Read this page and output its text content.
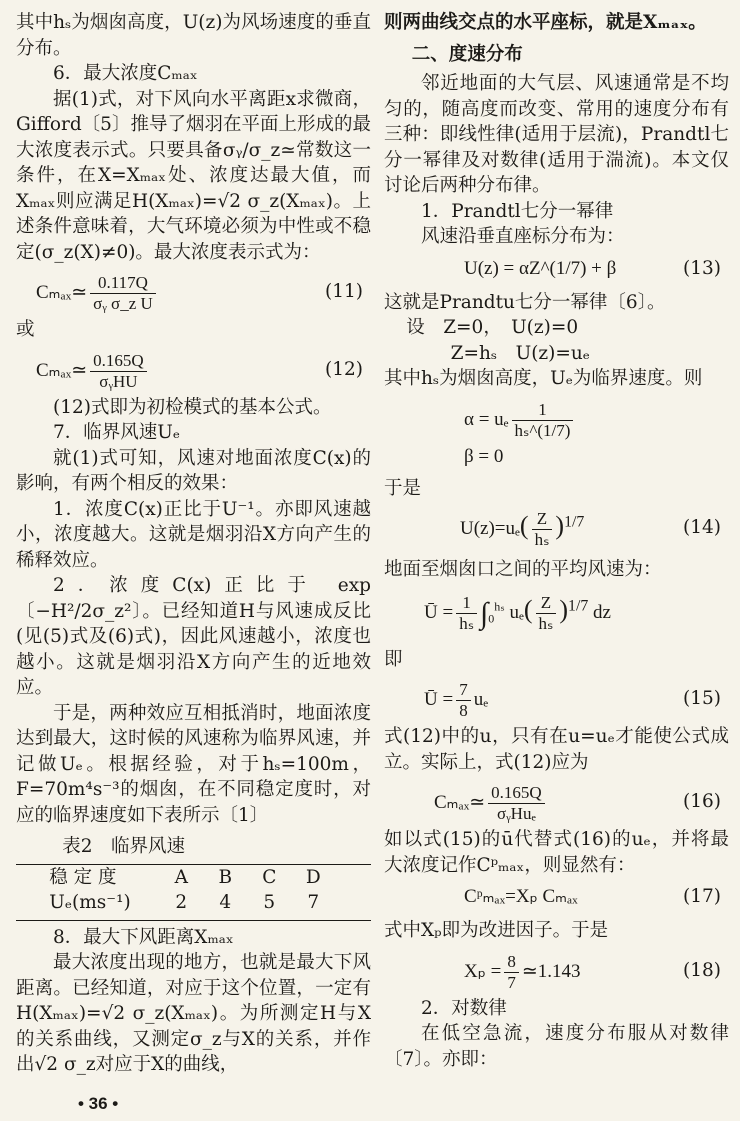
其中hₛ为烟囱高度，U(z)为风场速度的垂直分布。

6．最大浓度Cₘₐₓ

据(1)式，对下风向水平离距x求微商，Gifford〔5〕推导了烟羽在平面上形成的最大浓度表示式。只要具备σᵧ/σ_z≃常数这一条件，在X=Xₘₐₓ处、浓度达最大值，而Xₘₐₓ则应满足H(Xₘₐₓ)=√2 σ_z(Xₘₐₓ)。上述条件意味着，大气环境必须为中性或不稳定(σ_z(X)≠0)。最大浓度表示式为：

Cₘₐₓ≃ $\frac{0.117Q}{\text{σᵧ σ\_z U}}$	(11)

或

Cₘₐₓ≃ $\frac{0.165Q}{\text{σᵧHU}}$	(12)

(12)式即为初检模式的基本公式。

7．临界风速Uₑ

就(1)式可知，风速对地面浓度C(x)的影响，有两个相反的效果：

1．浓度C(x)正比于U⁻¹。亦即风速越小，浓度越大。这就是烟羽沿X方向产生的稀释效应。

2．浓度C(x)正比于 exp〔−H²/2σ_z²〕。已经知道H与风速成反比(见(5)式及(6)式)，因此风速越小，浓度也越小。这就是烟羽沿X方向产生的近地效应。

于是，两种效应互相抵消时，地面浓度达到最大，这时候的风速称为临界风速，并记做Uₑ。根据经验，对于hₛ=100m，F=70m⁴s⁻³的烟囱，在不同稳定度时，对应的临界速度如下表所示〔1〕

表2　临界风速
稳 定 度	A	B	C	D
Uₑ(ms⁻¹)	2	4	5	7

8．最大下风距离Xₘₐₓ

最大浓度出现的地方，也就是最大下风距离。已经知道，对应于这个位置，一定有H(Xₘₐₓ)=√2 σ_z(Xₘₐₓ)。为所测定H与X的关系曲线，又测定σ_z与X的关系，并作出√2 σ_z对应于X的曲线，

则两曲线交点的水平座标，就是Xₘₐₓ。

二、度速分布

邻近地面的大气层、风速通常是不均匀的，随高度而改变、常用的速度分布有三种：即线性律(适用于层流)，Prandtl七分一幂律及对数律(适用于湍流)。本文仅讨论后两种分布律。

1．Prandtl七分一幂律

风速沿垂直座标分布为：

U(z) = αZ^(1/7) + β	(13)

这就是Prandtu七分一幂律〔6〕。

设　Z=0，　U(z)=0

Z=hₛ　U(z)=uₑ

其中hₛ为烟囱高度，Uₑ为临界速度。则

α = uₑ $\frac{1}{\text{hₛ\textasciicircum{}(1/7)}}$
β = 0

于是

$U(z)=u_e( \frac{Z}{\text{hₛ}} )^{1/7}$	(14)

地面至烟囱口之间的平均风速为：

Ū = $\frac{1}{\text{hₛ}} \int_0^{h_s}$ $u_e( \frac{Z}{\text{hₛ}} )^{1/7}$ dz

即

Ū = $\frac{7}{8}$ uₑ	(15)

式(12)中的u，只有在u=uₑ才能使公式成立。实际上，式(12)应为

Cₘₐₓ≃ $\frac{0.165Q}{\text{σᵧHuₑ}}$	(16)

如以式(15)的ū代替式(16)的uₑ，并将最大浓度记作Cᵖₘₐₓ，则显然有：

Cᵖₘₐₓ=Xₚ Cₘₐₓ	(17)

式中Xₚ即为改进因子。于是

$X_p = \frac{8}{7}$ ≃1.143	(18)

2．对数律

在低空急流，速度分布服从对数律〔7〕。亦即：

• 36 •
